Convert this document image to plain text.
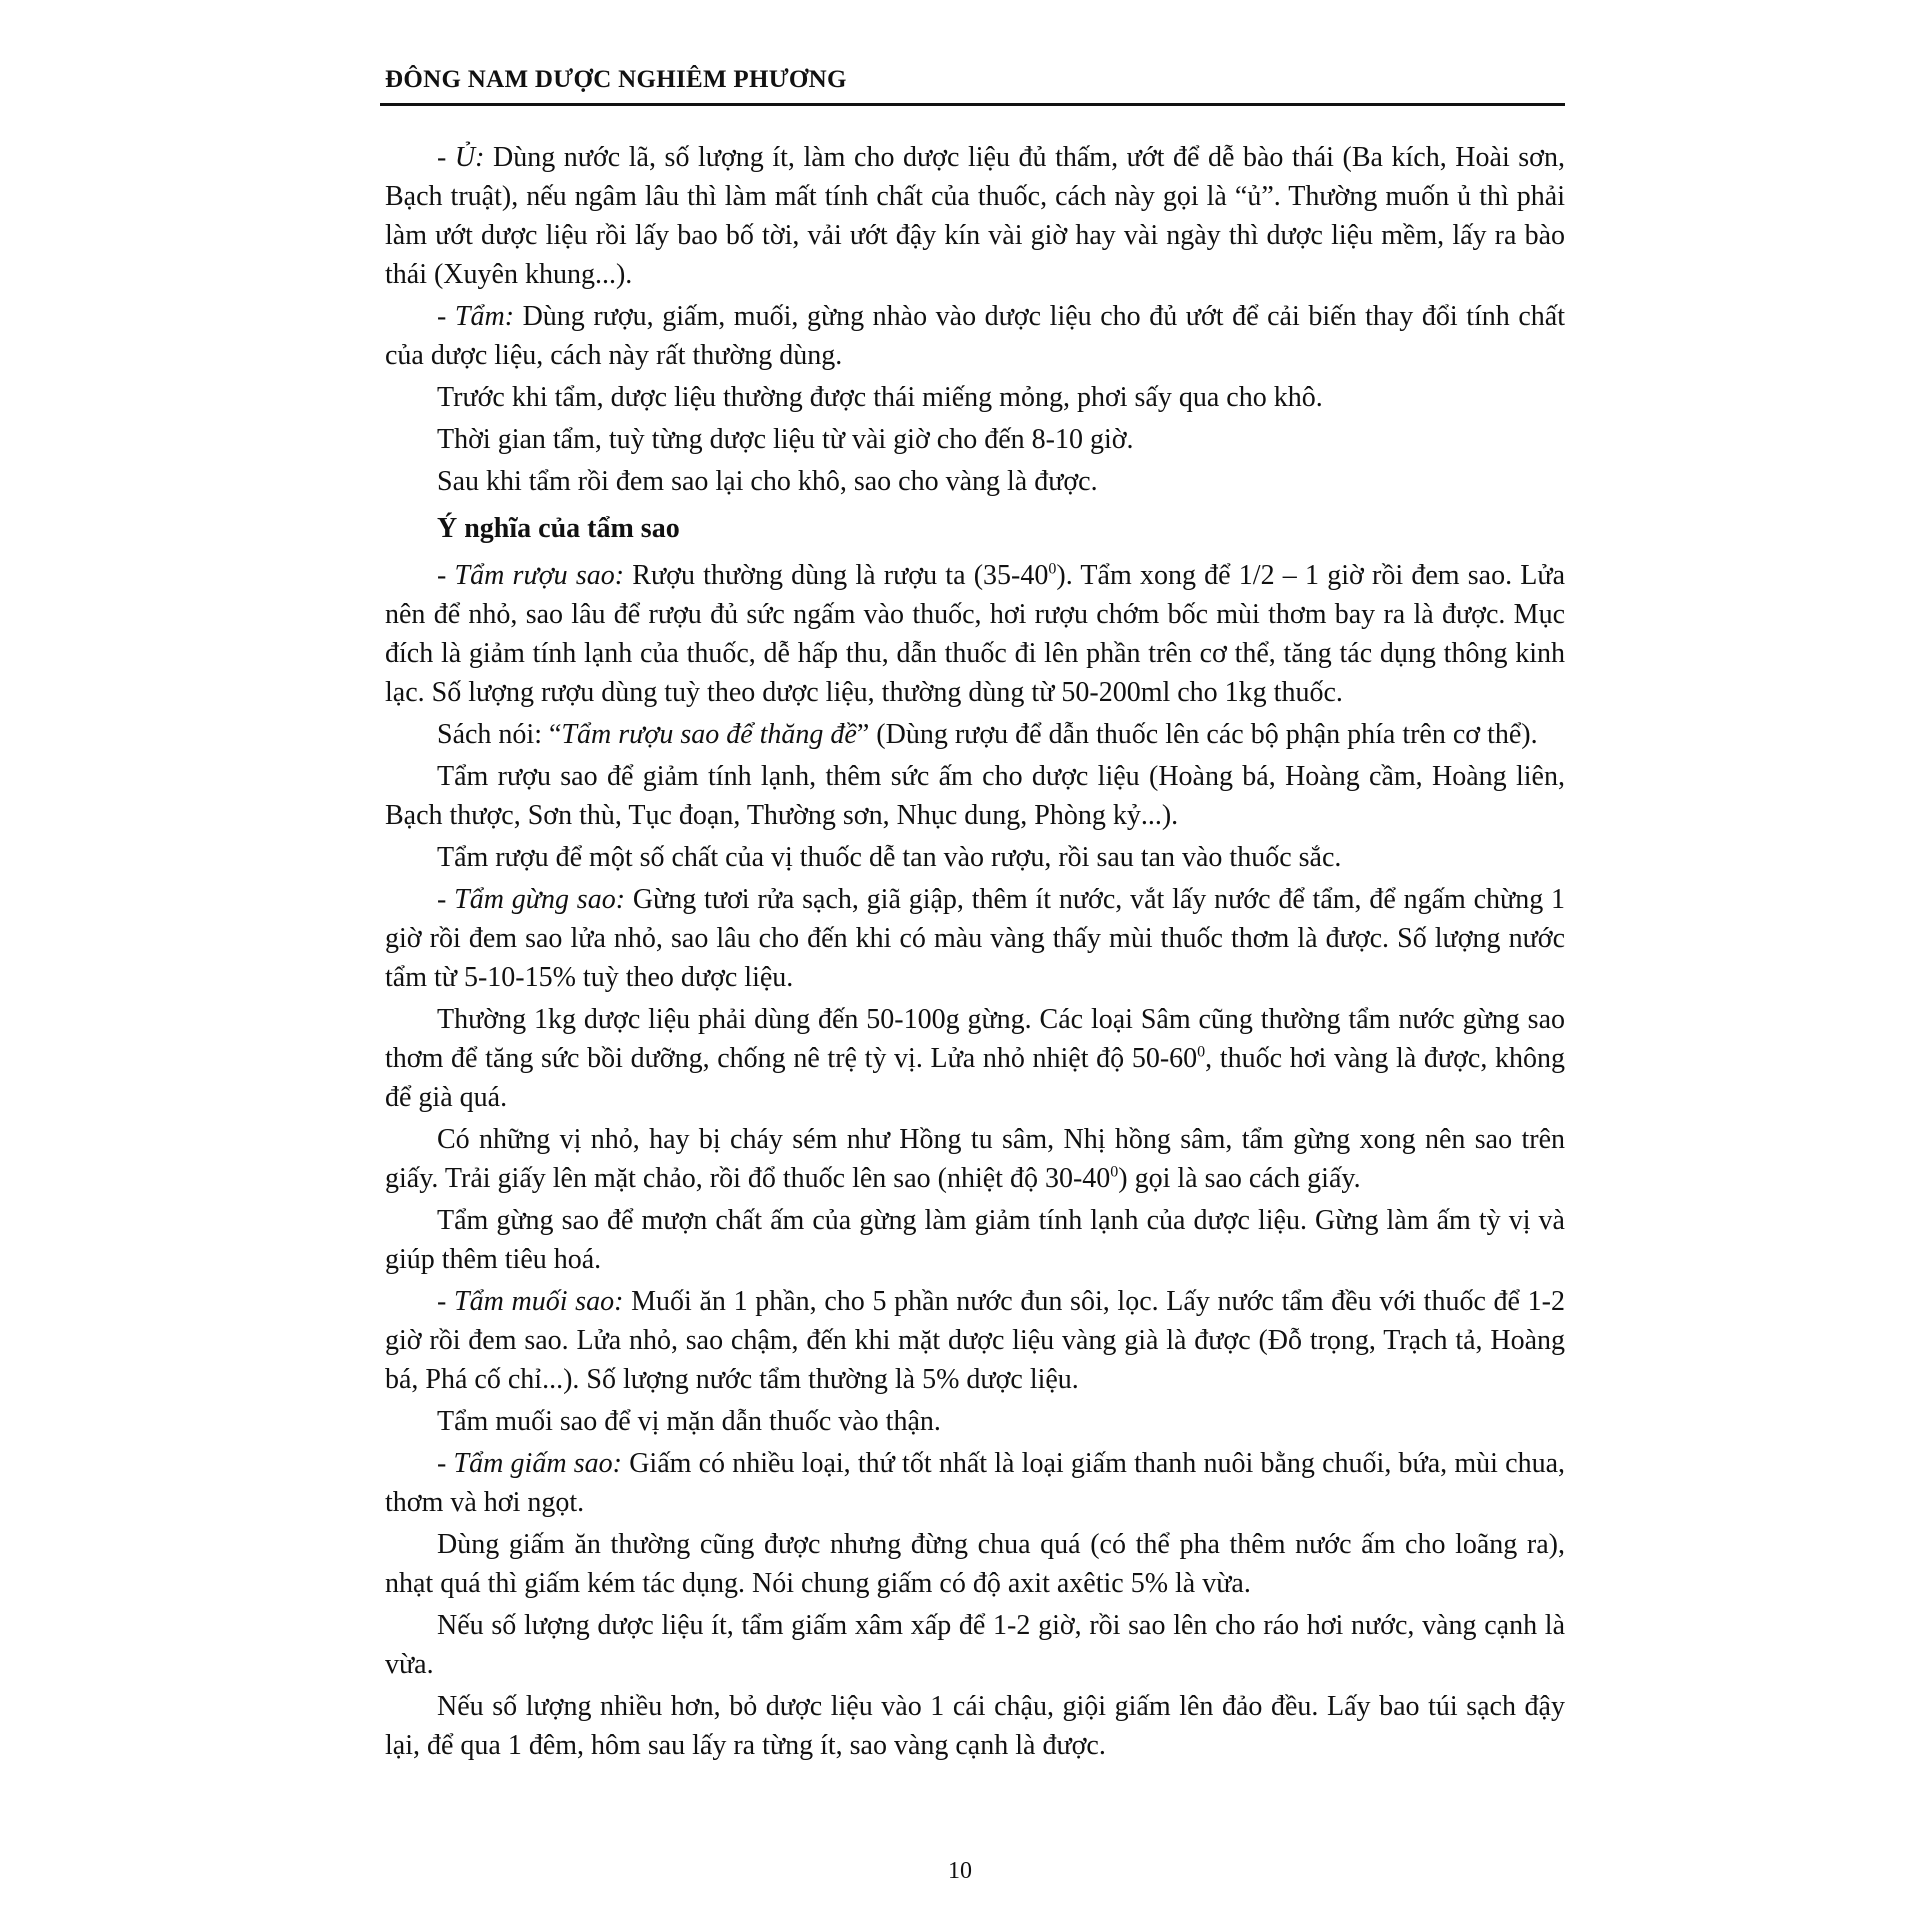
ĐÔNG NAM DƯỢC NGHIÊM PHƯƠNG

- Ủ: Dùng nước lã, số lượng ít, làm cho dược liệu đủ thấm, ướt để dễ bào thái (Ba kích, Hoài sơn, Bạch truật), nếu ngâm lâu thì làm mất tính chất của thuốc, cách này gọi là “ủ”. Thường muốn ủ thì phải làm ướt dược liệu rồi lấy bao bố tời, vải ướt đậy kín vài giờ hay vài ngày thì dược liệu mềm, lấy ra bào thái (Xuyên khung...).

- Tẩm: Dùng rượu, giấm, muối, gừng nhào vào dược liệu cho đủ ướt để cải biến thay đổi tính chất của dược liệu, cách này rất thường dùng.

Trước khi tẩm, dược liệu thường được thái miếng mỏng, phơi sấy qua cho khô.

Thời gian tẩm, tuỳ từng dược liệu từ vài giờ cho đến 8-10 giờ.

Sau khi tẩm rồi đem sao lại cho khô, sao cho vàng là được.

Ý nghĩa của tẩm sao

- Tẩm rượu sao: Rượu thường dùng là rượu ta $(35-40^0)$. Tẩm xong để 1/2 – 1 giờ rồi đem sao. Lửa nên để nhỏ, sao lâu để rượu đủ sức ngấm vào thuốc, hơi rượu chớm bốc mùi thơm bay ra là được. Mục đích là giảm tính lạnh của thuốc, dễ hấp thu, dẫn thuốc đi lên phần trên cơ thể, tăng tác dụng thông kinh lạc. Số lượng rượu dùng tuỳ theo dược liệu, thường dùng từ 50-200ml cho 1kg thuốc.

Sách nói: “Tẩm rượu sao để thăng đề” (Dùng rượu để dẫn thuốc lên các bộ phận phía trên cơ thể).

Tẩm rượu sao để giảm tính lạnh, thêm sức ấm cho dược liệu (Hoàng bá, Hoàng cầm, Hoàng liên, Bạch thược, Sơn thù, Tục đoạn, Thường sơn, Nhục dung, Phòng kỷ...).

Tẩm rượu để một số chất của vị thuốc dễ tan vào rượu, rồi sau tan vào thuốc sắc.

- Tẩm gừng sao: Gừng tươi rửa sạch, giã giập, thêm ít nước, vắt lấy nước để tẩm, để ngấm chừng 1 giờ rồi đem sao lửa nhỏ, sao lâu cho đến khi có màu vàng thấy mùi thuốc thơm là được. Số lượng nước tẩm từ 5-10-15% tuỳ theo dược liệu.

Thường 1kg dược liệu phải dùng đến 50-100g gừng. Các loại Sâm cũng thường tẩm nước gừng sao thơm để tăng sức bồi dưỡng, chống nê trệ tỳ vị. Lửa nhỏ nhiệt độ $50-60^0$, thuốc hơi vàng là được, không để già quá.

Có những vị nhỏ, hay bị cháy sém như Hồng tu sâm, Nhị hồng sâm, tẩm gừng xong nên sao trên giấy. Trải giấy lên mặt chảo, rồi đổ thuốc lên sao (nhiệt độ $30-40^0$) gọi là sao cách giấy.

Tẩm gừng sao để mượn chất ấm của gừng làm giảm tính lạnh của dược liệu. Gừng làm ấm tỳ vị và giúp thêm tiêu hoá.

- Tẩm muối sao: Muối ăn 1 phần, cho 5 phần nước đun sôi, lọc. Lấy nước tẩm đều với thuốc để 1-2 giờ rồi đem sao. Lửa nhỏ, sao chậm, đến khi mặt dược liệu vàng già là được (Đỗ trọng, Trạch tả, Hoàng bá, Phá cố chỉ...). Số lượng nước tẩm thường là 5% dược liệu.

Tẩm muối sao để vị mặn dẫn thuốc vào thận.

- Tẩm giấm sao: Giấm có nhiều loại, thứ tốt nhất là loại giấm thanh nuôi bằng chuối, bứa, mùi chua, thơm và hơi ngọt.

Dùng giấm ăn thường cũng được nhưng đừng chua quá (có thể pha thêm nước ấm cho loãng ra), nhạt quá thì giấm kém tác dụng. Nói chung giấm có độ axit axêtic 5% là vừa.

Nếu số lượng dược liệu ít, tẩm giấm xâm xấp để 1-2 giờ, rồi sao lên cho ráo hơi nước, vàng cạnh là vừa.

Nếu số lượng nhiều hơn, bỏ dược liệu vào 1 cái chậu, giội giấm lên đảo đều. Lấy bao túi sạch đậy lại, để qua 1 đêm, hôm sau lấy ra từng ít, sao vàng cạnh là được.

10
